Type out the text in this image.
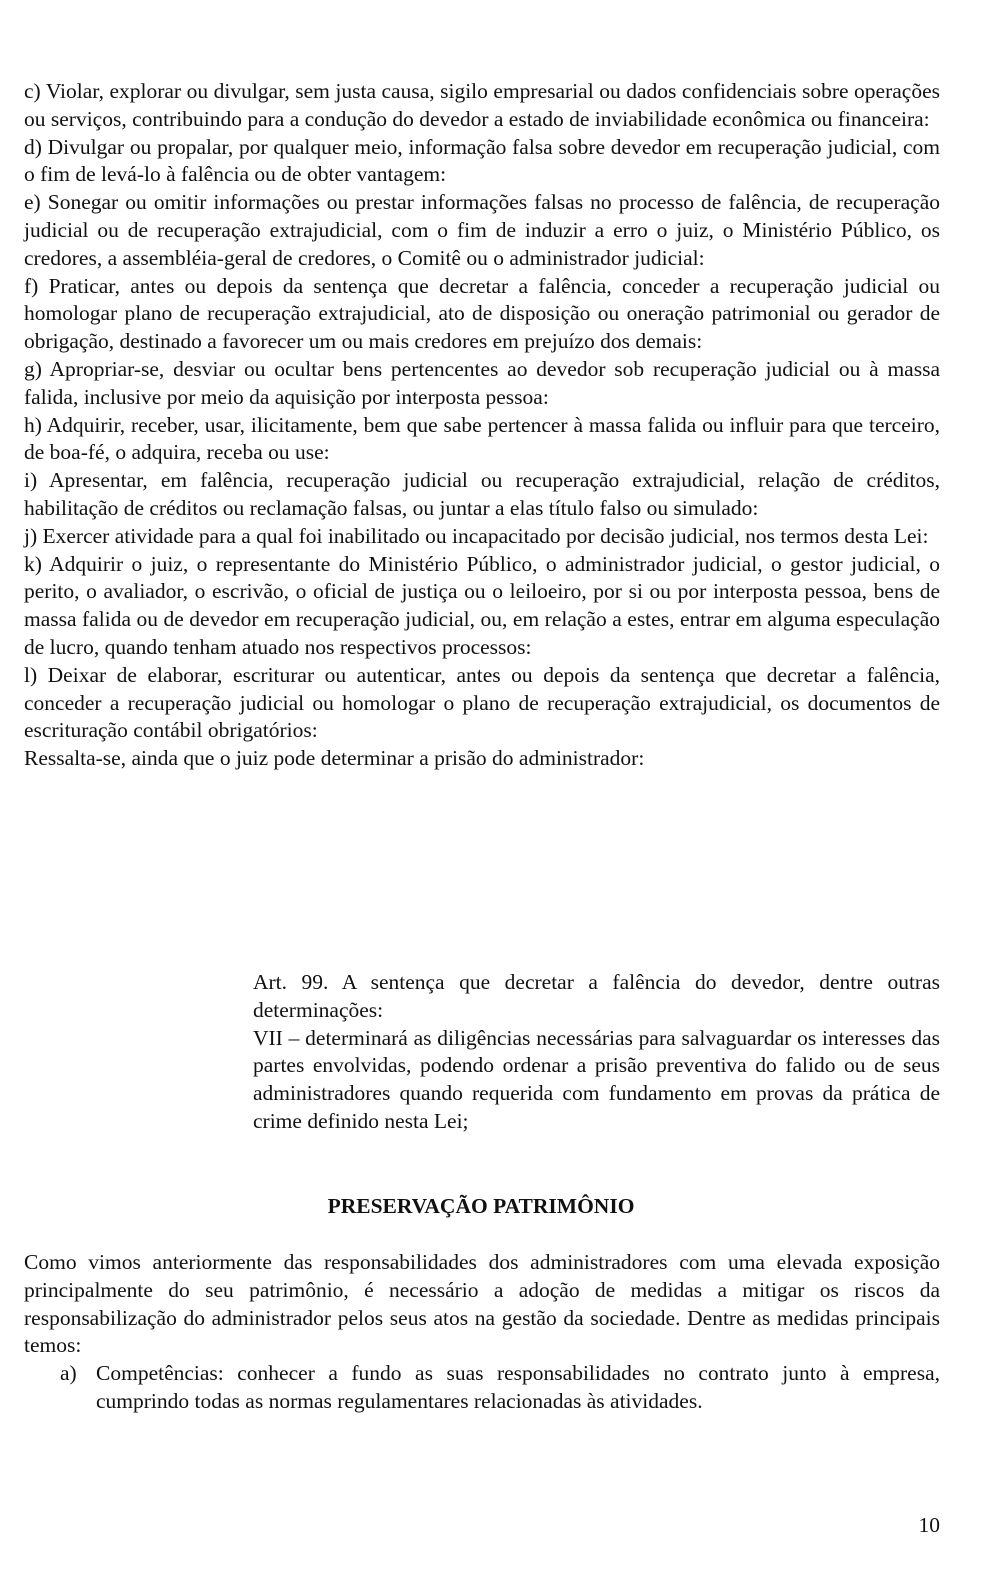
c) Violar, explorar ou divulgar, sem justa causa, sigilo empresarial ou dados confidenciais sobre operações ou serviços, contribuindo para a condução do devedor a estado de inviabilidade econômica ou financeira:

d) Divulgar ou propalar, por qualquer meio, informação falsa sobre devedor em recuperação judicial, com o fim de levá-lo à falência ou de obter vantagem:

e) Sonegar ou omitir informações ou prestar informações falsas no processo de falência, de recuperação judicial ou de recuperação extrajudicial, com o fim de induzir a erro o juiz, o Ministério Público, os credores, a assembléia-geral de credores, o Comitê ou o administrador judicial:

f) Praticar, antes ou depois da sentença que decretar a falência, conceder a recuperação judicial ou homologar plano de recuperação extrajudicial, ato de disposição ou oneração patrimonial ou gerador de obrigação, destinado a favorecer um ou mais credores em prejuízo dos demais:

g) Apropriar-se, desviar ou ocultar bens pertencentes ao devedor sob recuperação judicial ou à massa falida, inclusive por meio da aquisição por interposta pessoa:

h) Adquirir, receber, usar, ilicitamente, bem que sabe pertencer à massa falida ou influir para que terceiro, de boa-fé, o adquira, receba ou use:

i) Apresentar, em falência, recuperação judicial ou recuperação extrajudicial, relação de créditos, habilitação de créditos ou reclamação falsas, ou juntar a elas título falso ou simulado:

j) Exercer atividade para a qual foi inabilitado ou incapacitado por decisão judicial, nos termos desta Lei:

k) Adquirir o juiz, o representante do Ministério Público, o administrador judicial, o gestor judicial, o perito, o avaliador, o escrivão, o oficial de justiça ou o leiloeiro, por si ou por interposta pessoa, bens de massa falida ou de devedor em recuperação judicial, ou, em relação a estes, entrar em alguma especulação de lucro, quando tenham atuado nos respectivos processos:

l) Deixar de elaborar, escriturar ou autenticar, antes ou depois da sentença que decretar a falência, conceder a recuperação judicial ou homologar o plano de recuperação extrajudicial, os documentos de escrituração contábil obrigatórios:

Ressalta-se, ainda que o juiz pode determinar a prisão do administrador:

Art. 99. A sentença que decretar a falência do devedor, dentre outras determinações:

VII – determinará as diligências necessárias para salvaguardar os interesses das partes envolvidas, podendo ordenar a prisão preventiva do falido ou de seus administradores quando requerida com fundamento em provas da prática de crime definido nesta Lei;

PRESERVAÇÃO PATRIMÔNIO

Como vimos anteriormente das responsabilidades dos administradores com uma elevada exposição principalmente do seu patrimônio, é necessário a adoção de medidas a mitigar os riscos da responsabilização do administrador pelos seus atos na gestão da sociedade. Dentre as medidas principais temos:

a) Competências: conhecer a fundo as suas responsabilidades no contrato junto à empresa, cumprindo todas as normas regulamentares relacionadas às atividades.
10
